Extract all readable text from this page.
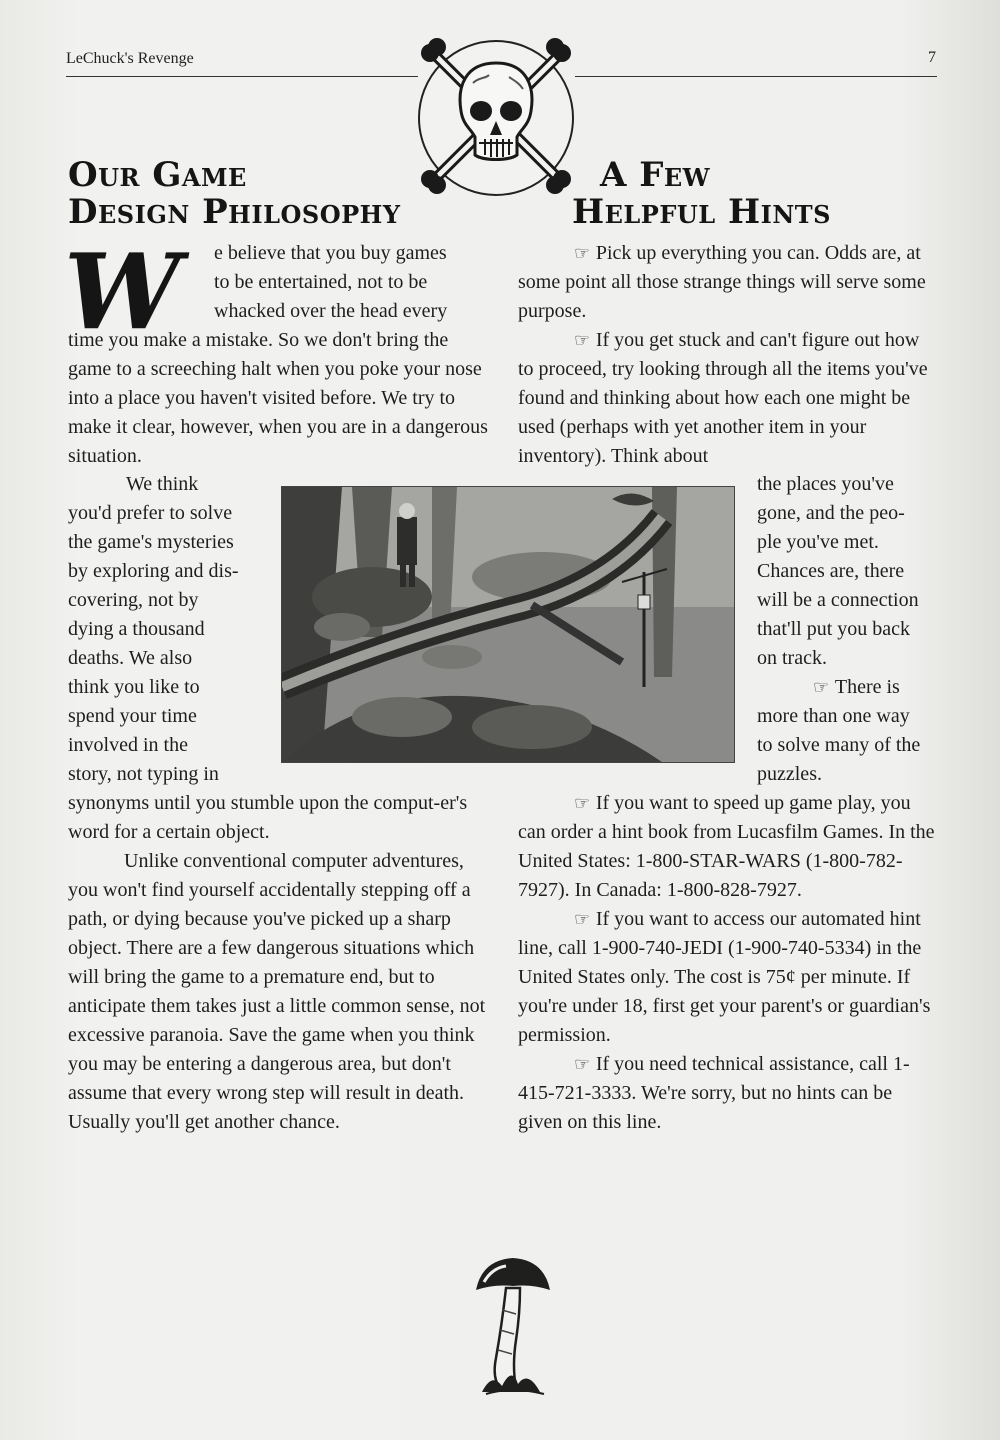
LeChuck's Revenge	7
Our Game
Design Philosophy
W e believe that you buy games

to be entertained, not to be

whacked over the head every

time you make a mistake. So we don't bring the game to a screeching halt when you poke your nose into a place you haven't visited before. We try to make it clear, however, when you are in a dangerous situation.

We think

you'd prefer to solve

the game's mysteries

by exploring and dis-

covering, not by

dying a thousand

deaths. We also

think you like to

spend your time

involved in the

story, not typing in

synonyms until you stumble upon the comput-er's word for a certain object.

Unlike conventional computer adventures, you won't find yourself accidentally stepping off a path, or dying because you've picked up a sharp object. There are a few dangerous situations which will bring the game to a premature end, but to anticipate them takes just a little common sense, not excessive paranoia. Save the game when you think you may be entering a dangerous area, but don't assume that every wrong step will result in death. Usually you'll get another chance.

A Few
Helpful Hints

☞ Pick up everything you can. Odds are, at some point all those strange things will serve some purpose.

☞ If you get stuck and can't figure out how to proceed, try looking through all the items you've found and thinking about how each one might be used (perhaps with yet another item in your inventory). Think about

the places you've

gone, and the peo-

ple you've met.

Chances are, there

will be a connection

that'll put you back

on track.

☞ There is

more than one way

to solve many of the

puzzles.

☞ If you want to speed up game play, you can order a hint book from Lucasfilm Games. In the United States: 1-800-STAR-WARS (1-800-782-7927). In Canada: 1-800-828-7927.

☞ If you want to access our automated hint line, call 1-900-740-JEDI (1-900-740-5334) in the United States only. The cost is 75¢ per minute. If you're under 18, first get your parent's or guardian's permission.

☞ If you need technical assistance, call 1-415-721-3333. We're sorry, but no hints can be given on this line.
